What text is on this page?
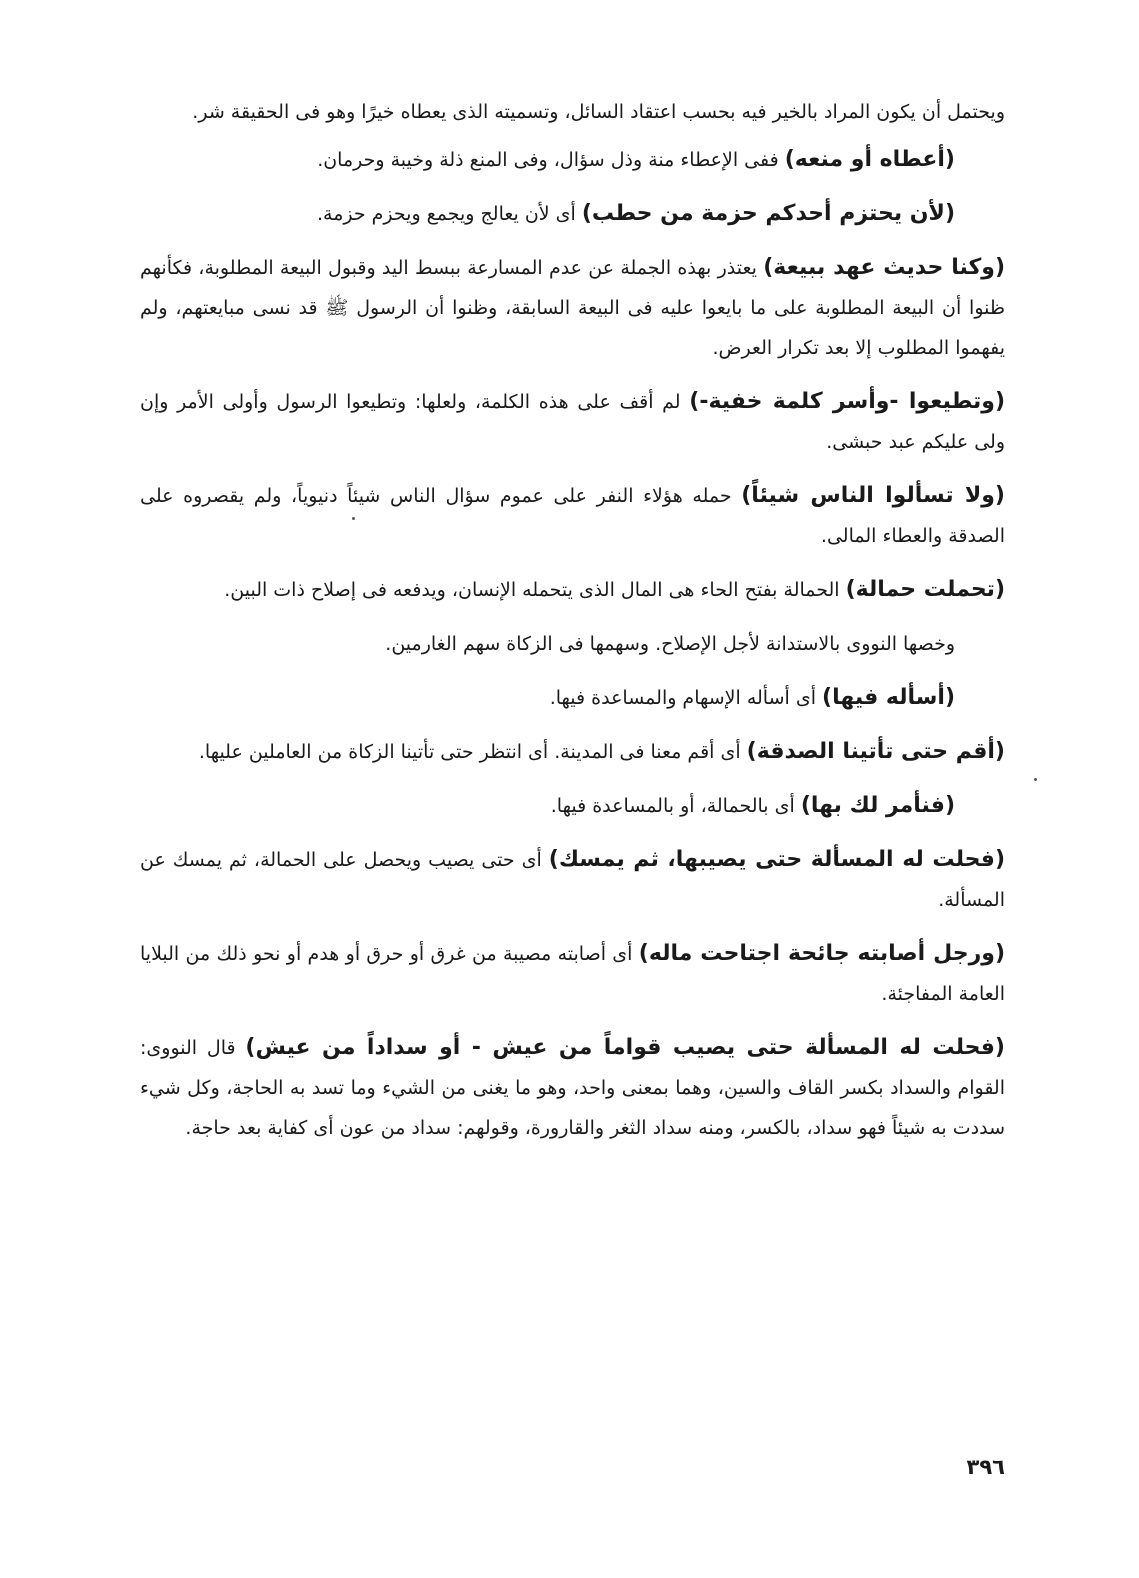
ويحتمل أن يكون المراد بالخير فيه بحسب اعتقاد السائل، وتسميته الذى يعطاه خيرًا وهو فى الحقيقة شر.

(أعطاه أو منعه) ففى الإعطاء منة وذل سؤال، وفى المنع ذلة وخيبة وحرمان.

(لأن يحتزم أحدكم حزمة من حطب) أى لأن يعالج ويجمع ويحزم حزمة.

(وكنا حديث عهد ببيعة) يعتذر بهذه الجملة عن عدم المسارعة ببسط اليد وقبول البيعة المطلوبة، فكأنهم ظنوا أن البيعة المطلوبة على ما بايعوا عليه فى البيعة السابقة، وظنوا أن الرسول ﷺ قد نسى مبايعتهم، ولم يفهموا المطلوب إلا بعد تكرار العرض.

(وتطيعوا -وأسر كلمة خفية-) لم أقف على هذه الكلمة، ولعلها: وتطيعوا الرسول وأولى الأمر وإن ولى عليكم عبد حبشى.

(ولا تسألوا الناس شيئاً) حمله هؤلاء النفر على عموم سؤال الناس شيئاً دنيوياً، ولم يقصروه على الصدقة والعطاء المالى.

(تحملت حمالة) الحمالة بفتح الحاء هى المال الذى يتحمله الإنسان، ويدفعه فى إصلاح ذات البين.

وخصها النووى بالاستدانة لأجل الإصلاح. وسهمها فى الزكاة سهم الغارمين.

(أسأله فيها) أى أسأله الإسهام والمساعدة فيها.

(أقم حتى تأتينا الصدقة) أى أقم معنا فى المدينة. أى انتظر حتى تأتينا الزكاة من العاملين عليها.

(فنأمر لك بها) أى بالحمالة، أو بالمساعدة فيها.

(فحلت له المسألة حتى يصيبها، ثم يمسك) أى حتى يصيب ويحصل على الحمالة، ثم يمسك عن المسألة.

(ورجل أصابته جائحة اجتاحت ماله) أى أصابته مصيبة من غرق أو حرق أو هدم أو نحو ذلك من البلايا العامة المفاجئة.

(فحلت له المسألة حتى يصيب قواماً من عيش - أو سداداً من عيش) قال النووى: القوام والسداد بكسر القاف والسين، وهما بمعنى واحد، وهو ما يغنى من الشيء وما تسد به الحاجة، وكل شيء سددت به شيئاً فهو سداد، بالكسر، ومنه سداد الثغر والقارورة، وقولهم: سداد من عون أى كفاية بعد حاجة.

٣٩٦
